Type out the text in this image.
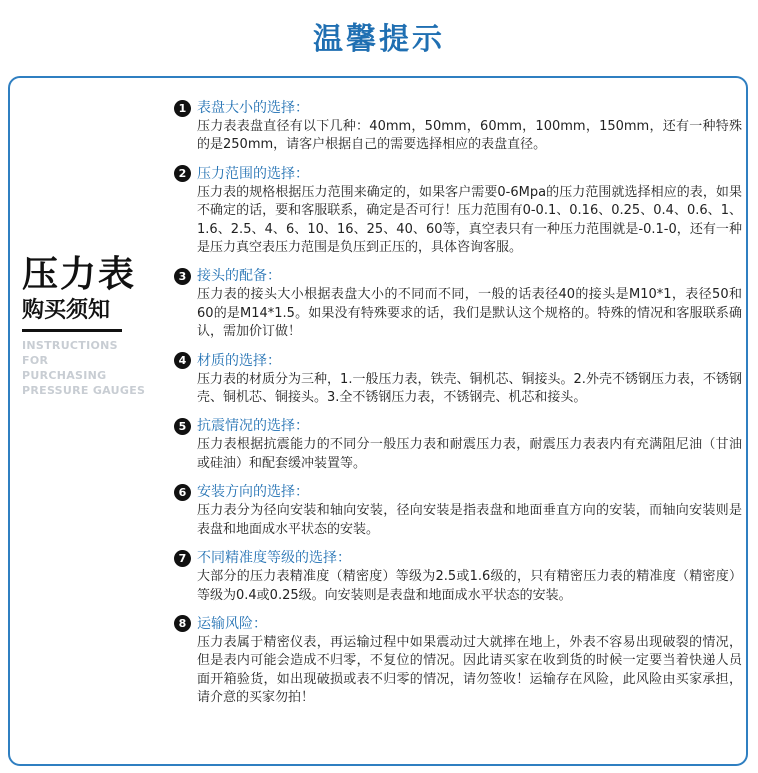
温馨提示
压力表
购买须知
INSTRUCTIONS
FOR
PURCHASING
PRESSURE GAUGES
1 表盘大小的选择：
压力表表盘直径有以下几种：40mm，50mm，60mm，100mm，150mm，还有一种特殊的是250mm，请客户根据自己的需要选择相应的表盘直径。
2 压力范围的选择：
压力表的规格根据压力范围来确定的，如果客户需要0-6Mpa的压力范围就选择相应的表，如果不确定的话，要和客服联系，确定是否可行！压力范围有0-0.1、0.16、0.25、0.4、0.6、1、1.6、2.5、4、6、10、16、25、40、60等，真空表只有一种压力范围就是-0.1-0，还有一种是压力真空表压力范围是负压到正压的，具体咨询客服。
3 接头的配备：
压力表的接头大小根据表盘大小的不同而不同，一般的话表径40的接头是M10*1，表径50和60的是M14*1.5。如果没有特殊要求的话，我们是默认这个规格的。特殊的情况和客服联系确认，需加价订做！
4 材质的选择：
压力表的材质分为三种，1.一般压力表，铁壳、铜机芯、铜接头。2.外壳不锈钢压力表，不锈钢壳、铜机芯、铜接头。3.全不锈钢压力表，不锈钢壳、机芯和接头。
5 抗震情况的选择：
压力表根据抗震能力的不同分一般压力表和耐震压力表，耐震压力表表内有充满阻尼油（甘油或硅油）和配套缓冲装置等。
6 安装方向的选择：
压力表分为径向安装和轴向安装，径向安装是指表盘和地面垂直方向的安装，而轴向安装则是表盘和地面成水平状态的安装。
7 不同精准度等级的选择：
大部分的压力表精准度（精密度）等级为2.5或1.6级的，只有精密压力表的精准度（精密度）等级为0.4或0.25级。向安装则是表盘和地面成水平状态的安装。
8 运输风险：
压力表属于精密仪表，再运输过程中如果震动过大就摔在地上，外表不容易出现破裂的情况，但是表内可能会造成不归零，不复位的情况。因此请买家在收到货的时候一定要当着快递人员面开箱验货，如出现破损或表不归零的情况，请勿签收！运输存在风险，此风险由买家承担，请介意的买家勿拍！
